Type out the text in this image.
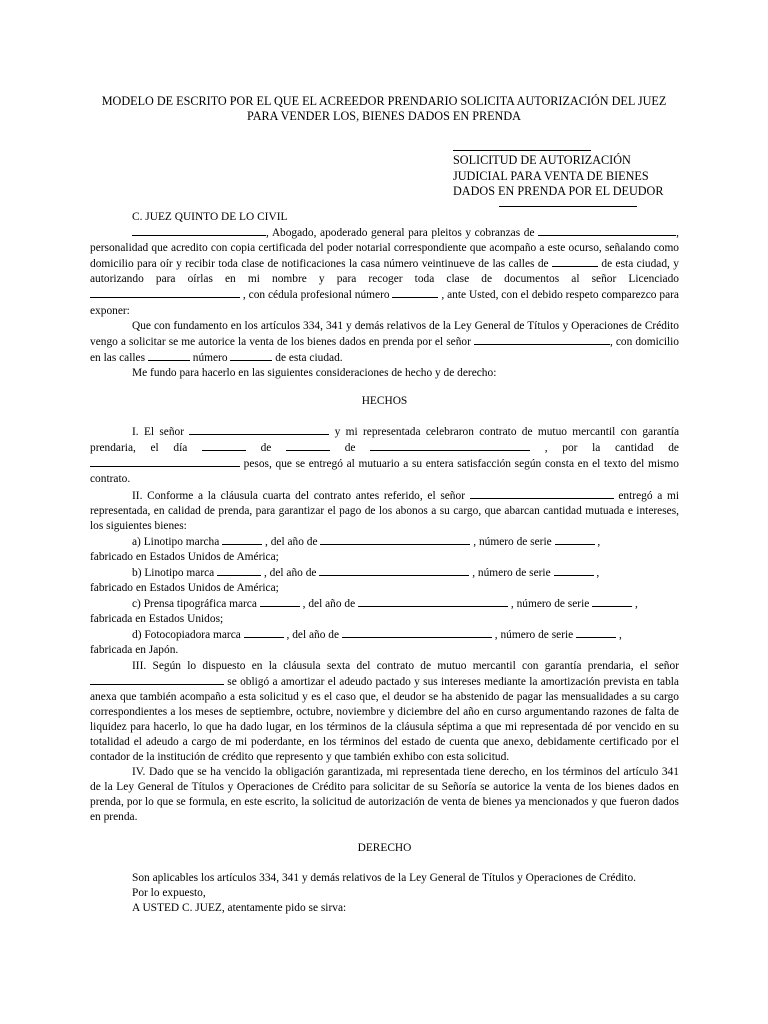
MODELO DE ESCRITO POR EL QUE EL ACREEDOR PRENDARIO SOLICITA AUTORIZACIÓN DEL JUEZ
PARA VENDER LOS, BIENES DADOS EN PRENDA
SOLICITUD DE AUTORIZACIÓN
JUDICIAL PARA VENTA DE BIENES
DADOS EN PRENDA POR EL DEUDOR

C. JUEZ QUINTO DE LO CIVIL

, Abogado, apoderado general para pleitos y cobranzas de	, personalidad que acredito con copia certificada del poder notarial correspondiente que acompaño a este ocurso, señalando como domicilio para oír y recibir toda clase de notificaciones la casa número veintinueve de las calles de	de esta ciudad, y autorizando para oírlas en mi nombre y para recoger toda clase de documentos al señor Licenciado  , con cédula profesional número	, ante Usted, con el debido respeto comparezco para exponer:

Que con fundamento en los artículos 334, 341 y demás relativos de la Ley General de Títulos y Operaciones de Crédito vengo a solicitar se me autorice la venta de los bienes dados en prenda por el señor	, con domicilio en las calles	número	de esta ciudad.

Me fundo para hacerlo en las siguientes consideraciones de hecho y de derecho:

HECHOS

I. El señor	y mi representada celebraron contrato de mutuo mercantil con garantía prendaria, el día	de	de	, por la cantidad de  pesos, que se entregó al mutuario a su entera satisfacción según consta en el texto del mismo contrato.

II. Conforme a la cláusula cuarta del contrato antes referido, el señor	entregó a mi representada, en calidad de prenda, para garantizar el pago de los abonos a su cargo, que abarcan cantidad mutuada e intereses, los siguientes bienes:

a) Linotipo marcha	, del año de	, número de serie	,

fabricado en Estados Unidos de América;

b) Linotipo marca	, del año de	, número de serie	,

fabricado en Estados Unidos de América;

c) Prensa tipográfica marca	, del año de	, número de serie	,

fabricada en Estados Unidos;

d) Fotocopiadora marca	, del año de	, número de serie	,

fabricada en Japón.

III. Según lo dispuesto en la cláusula sexta del contrato de mutuo mercantil con garantía prendaria, el señor  se obligó a amortizar el adeudo pactado y sus intereses mediante la amortización prevista en tabla anexa que también acompaño a esta solicitud y es el caso que, el deudor se ha abstenido de pagar las mensualidades a su cargo correspondientes a los meses de septiembre, octubre, noviembre y diciembre del año en curso argumentando razones de falta de liquidez para hacerlo, lo que ha dado lugar, en los términos de la cláusula séptima a que mi representada dé por vencido en su totalidad el adeudo a cargo de mi poderdante, en los términos del estado de cuenta que anexo, debidamente certificado por el contador de la institución de crédito que represento y que también exhibo con esta solicitud.

IV. Dado que se ha vencido la obligación garantizada, mi representada tiene derecho, en los términos del artículo 341 de la Ley General de Títulos y Operaciones de Crédito para solicitar de su Señoría se autorice la venta de los bienes dados en prenda, por lo que se formula, en este escrito, la solicitud de autorización de venta de bienes ya mencionados y que fueron dados en prenda.

DERECHO

Son aplicables los artículos 334, 341 y demás relativos de la Ley General de Títulos y Operaciones de Crédito.

Por lo expuesto,

A USTED C. JUEZ, atentamente pido se sirva:
